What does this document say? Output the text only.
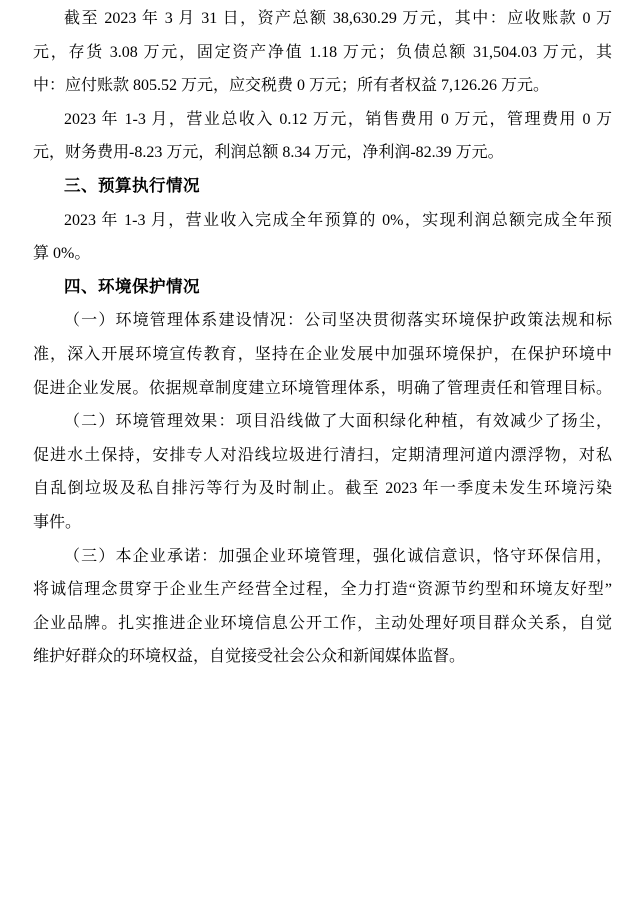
截至 2023 年 3 月 31 日，资产总额 38,630.29 万元，其中：应收账款 0 万
元，存货 3.08 万元，固定资产净值 1.18 万元；负债总额 31,504.03 万元，其
中：应付账款 805.52 万元，应交税费 0 万元；所有者权益 7,126.26 万元。
2023 年 1-3 月，营业总收入 0.12 万元，销售费用 0 万元，管理费用 0 万
元，财务费用-8.23 万元，利润总额 8.34 万元，净利润-82.39 万元。
三、预算执行情况
2023 年 1-3 月，营业收入完成全年预算的 0%，实现利润总额完成全年预
算 0%。
四、环境保护情况
（一）环境管理体系建设情况：公司坚决贯彻落实环境保护政策法规和标
准，深入开展环境宣传教育，坚持在企业发展中加强环境保护，在保护环境中
促进企业发展。依据规章制度建立环境管理体系，明确了管理责任和管理目标。
（二）环境管理效果：项目沿线做了大面积绿化种植，有效减少了扬尘，
促进水土保持，安排专人对沿线垃圾进行清扫，定期清理河道内漂浮物，对私
自乱倒垃圾及私自排污等行为及时制止。截至 2023 年一季度未发生环境污染
事件。
（三）本企业承诺：加强企业环境管理，强化诚信意识，恪守环保信用，
将诚信理念贯穿于企业生产经营全过程，全力打造“资源节约型和环境友好型”
企业品牌。扎实推进企业环境信息公开工作，主动处理好项目群众关系，自觉
维护好群众的环境权益，自觉接受社会公众和新闻媒体监督。
